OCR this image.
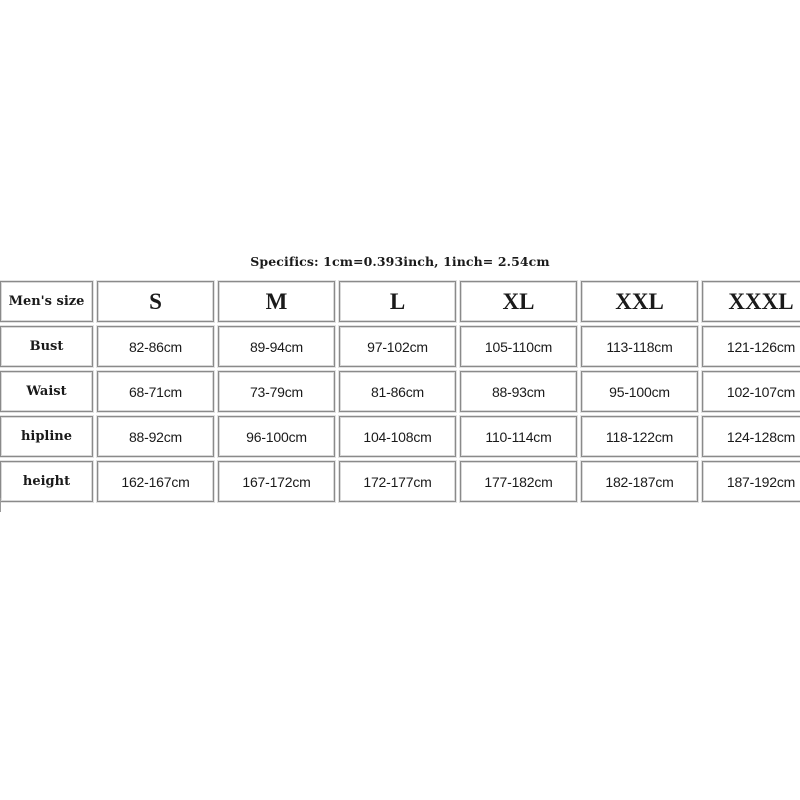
Specifics: 1cm=0.393inch, 1inch= 2.54cm
Men's size	S	M	L	XL	XXL	XXXL
Bust	82-86cm	89-94cm	97-102cm	105-110cm	113-118cm	121-126cm
Waist	68-71cm	73-79cm	81-86cm	88-93cm	95-100cm	102-107cm
hipline	88-92cm	96-100cm	104-108cm	110-114cm	118-122cm	124-128cm
height	162-167cm	167-172cm	172-177cm	177-182cm	182-187cm	187-192cm
